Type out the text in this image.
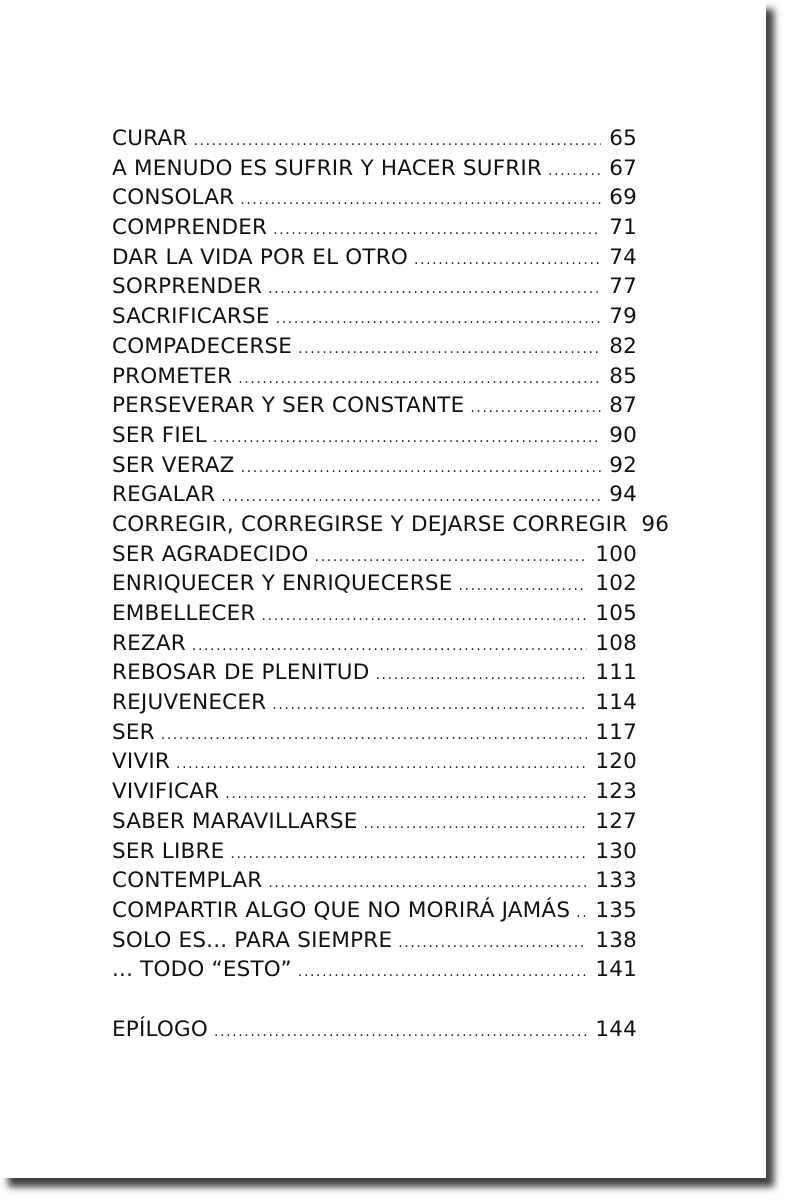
CURAR .....	65
A MENUDO ES SUFRIR Y HACER SUFRIR .....	67
CONSOLAR .....	69
COMPRENDER .....	71
DAR LA VIDA POR EL OTRO .....	74
SORPRENDER .....	77
SACRIFICARSE .....	79
COMPADECERSE .....	82
PROMETER .....	85
PERSEVERAR Y SER CONSTANTE .....	87
SER FIEL .....	90
SER VERAZ .....	92
REGALAR .....	94
CORREGIR, CORREGIRSE Y DEJARSE CORREGIR 96
SER AGRADECIDO .....	100
ENRIQUECER Y ENRIQUECERSE .....	102
EMBELLECER .....	105
REZAR .....	108
REBOSAR DE PLENITUD .....	111
REJUVENECER .....	114
SER .....	117
VIVIR .....	120
VIVIFICAR .....	123
SABER MARAVILLARSE .....	127
SER LIBRE .....	130
CONTEMPLAR .....	133
COMPARTIR ALGO QUE NO MORIRÁ JAMÁS .....	135
SOLO ES... PARA SIEMPRE .....	138
... TODO “ESTO” .....	141
EPÍLOGO .....	144
